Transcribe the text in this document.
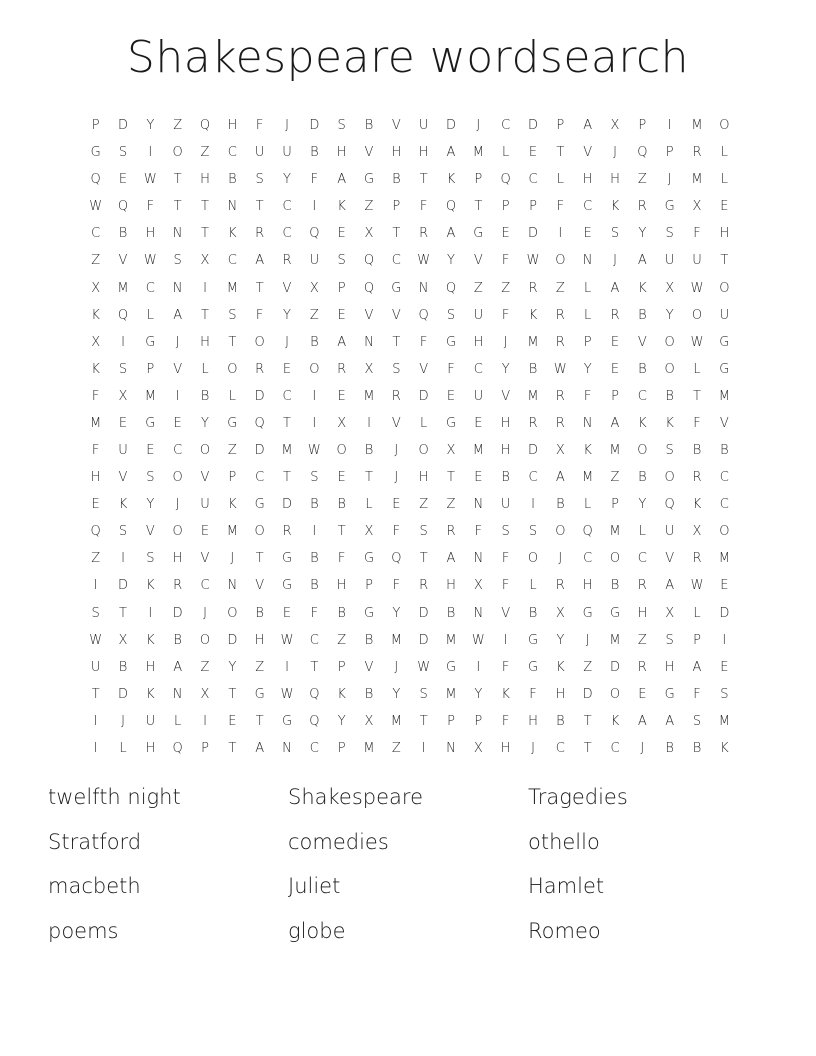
Shakespeare wordsearch
P	D	Y	Z	Q	H	F	J	D	S	B	V	U	D	J	C	D	P	A	X	P	I	M	O
G	S	I	O	Z	C	U	U	B	H	V	H	H	A	M	L	E	T	V	J	Q	P	R	L
Q	E	W	T	H	B	S	Y	F	A	G	B	T	K	P	Q	C	L	H	H	Z	J	M	L
W	Q	F	T	T	N	T	C	I	K	Z	P	F	Q	T	P	P	F	C	K	R	G	X	E
C	B	H	N	T	K	R	C	Q	E	X	T	R	A	G	E	D	I	E	S	Y	S	F	H
Z	V	W	S	X	C	A	R	U	S	Q	C	W	Y	V	F	W	O	N	J	A	U	U	T
X	M	C	N	I	M	T	V	X	P	Q	G	N	Q	Z	Z	R	Z	L	A	K	X	W	O
K	Q	L	A	T	S	F	Y	Z	E	V	V	Q	S	U	F	K	R	L	R	B	Y	O	U
X	I	G	J	H	T	O	J	B	A	N	T	F	G	H	J	M	R	P	E	V	O	W	G
K	S	P	V	L	O	R	E	O	R	X	S	V	F	C	Y	B	W	Y	E	B	O	L	G
F	X	M	I	B	L	D	C	I	E	M	R	D	E	U	V	M	R	F	P	C	B	T	M
M	E	G	E	Y	G	Q	T	I	X	I	V	L	G	E	H	R	R	N	A	K	K	F	V
F	U	E	C	O	Z	D	M	W	O	B	J	O	X	M	H	D	X	K	M	O	S	B	B
H	V	S	O	V	P	C	T	S	E	T	J	H	T	E	B	C	A	M	Z	B	O	R	C
E	K	Y	J	U	K	G	D	B	B	L	E	Z	Z	N	U	I	B	L	P	Y	Q	K	C
Q	S	V	O	E	M	O	R	I	T	X	F	S	R	F	S	S	O	Q	M	L	U	X	O
Z	I	S	H	V	J	T	G	B	F	G	Q	T	A	N	F	O	J	C	O	C	V	R	M
I	D	K	R	C	N	V	G	B	H	P	F	R	H	X	F	L	R	H	B	R	A	W	E
S	T	I	D	J	O	B	E	F	B	G	Y	D	B	N	V	B	X	G	G	H	X	L	D
W	X	K	B	O	D	H	W	C	Z	B	M	D	M	W	I	G	Y	J	M	Z	S	P	I
U	B	H	A	Z	Y	Z	I	T	P	V	J	W	G	I	F	G	K	Z	D	R	H	A	E
T	D	K	N	X	T	G	W	Q	K	B	Y	S	M	Y	K	F	H	D	O	E	G	F	S
I	J	U	L	I	E	T	G	Q	Y	X	M	T	P	P	F	H	B	T	K	A	A	S	M
I	L	H	Q	P	T	A	N	C	P	M	Z	I	N	X	H	J	C	T	C	J	B	B	K
twelfth night	Shakespeare	Tragedies
Stratford	comedies	othello
macbeth	Juliet	Hamlet
poems	globe	Romeo
